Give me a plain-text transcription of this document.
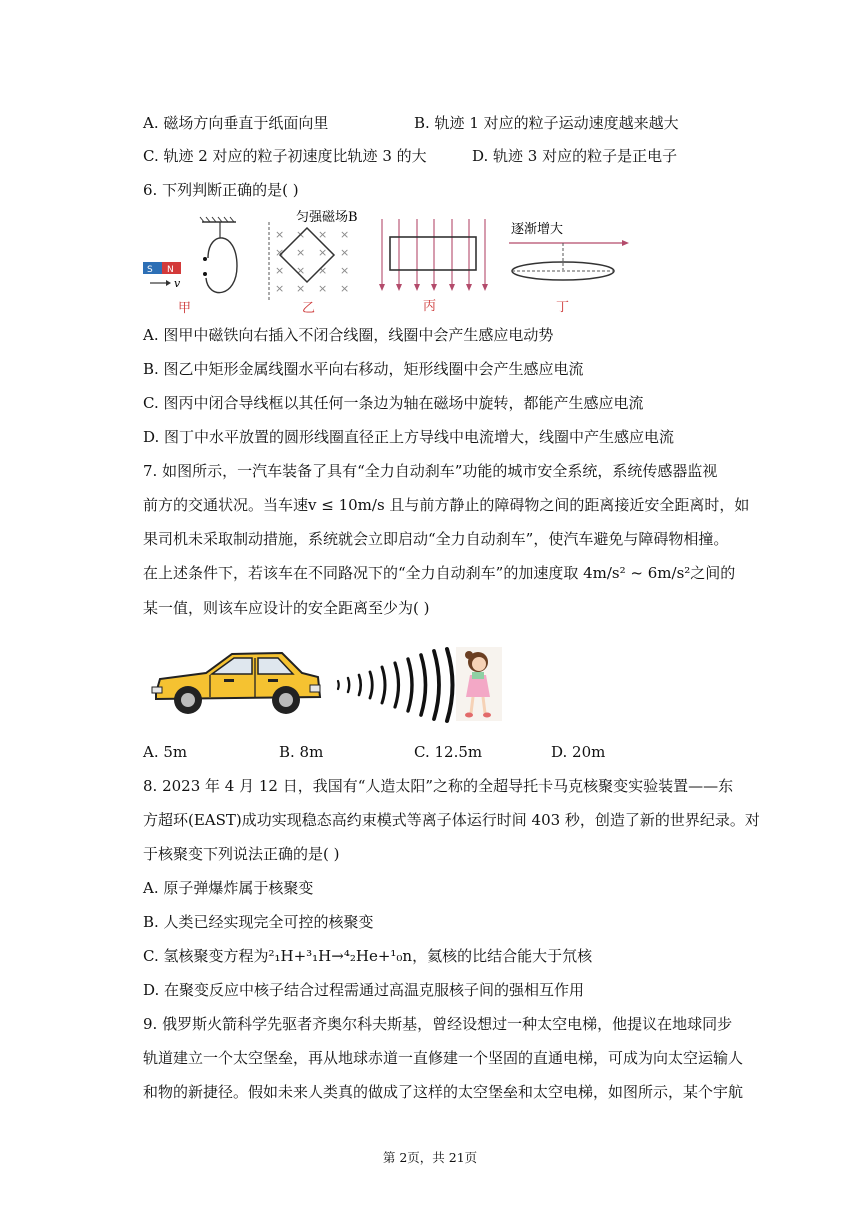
A. 磁场方向垂直于纸面向里	B. 轨迹 1 对应的粒子运动速度越来越大
C. 轨迹 2 对应的粒子初速度比轨迹 3 的大	D. 轨迹 3 对应的粒子是正电子
6. 下列判断正确的是( )
S N
v
甲
匀强磁场B
× × × ×
× × × ×
× × × ×
× × × ×
乙	丙
逐渐增大
丁
A. 图甲中磁铁向右插入不闭合线圈，线圈中会产生感应电动势
B. 图乙中矩形金属线圈水平向右移动，矩形线圈中会产生感应电流
C. 图丙中闭合导线框以其任何一条边为轴在磁场中旋转，都能产生感应电流
D. 图丁中水平放置的圆形线圈直径正上方导线中电流增大，线圈中产生感应电流
7. 如图所示，一汽车装备了具有“全力自动刹车”功能的城市安全系统，系统传感器监视
前方的交通状况。当车速v ≤ 10m/s 且与前方静止的障碍物之间的距离接近安全距离时，如
果司机未采取制动措施，系统就会立即启动“全力自动刹车”，使汽车避免与障碍物相撞。
在上述条件下，若该车在不同路况下的“全力自动刹车”的加速度取 4m/s² ~ 6m/s²之间的
某一值，则该车应设计的安全距离至少为( )
A. 5m	B. 8m	C. 12.5m	D. 20m
8. 2023 年 4 月 12 日，我国有“人造太阳”之称的全超导托卡马克核聚变实验装置——东
方超环(EAST)成功实现稳态高约束模式等离子体运行时间 403 秒，创造了新的世界纪录。对
于核聚变下列说法正确的是( )
A. 原子弹爆炸属于核聚变
B. 人类已经实现完全可控的核聚变
C. 氢核聚变方程为²₁H+³₁H→⁴₂He+¹₀n，氦核的比结合能大于氘核
D. 在聚变反应中核子结合过程需通过高温克服核子间的强相互作用
9. 俄罗斯火箭科学先驱者齐奥尔科夫斯基，曾经设想过一种太空电梯，他提议在地球同步
轨道建立一个太空堡垒，再从地球赤道一直修建一个坚固的直通电梯，可成为向太空运输人
和物的新捷径。假如未来人类真的做成了这样的太空堡垒和太空电梯，如图所示，某个宇航
第 2页，共 21页
